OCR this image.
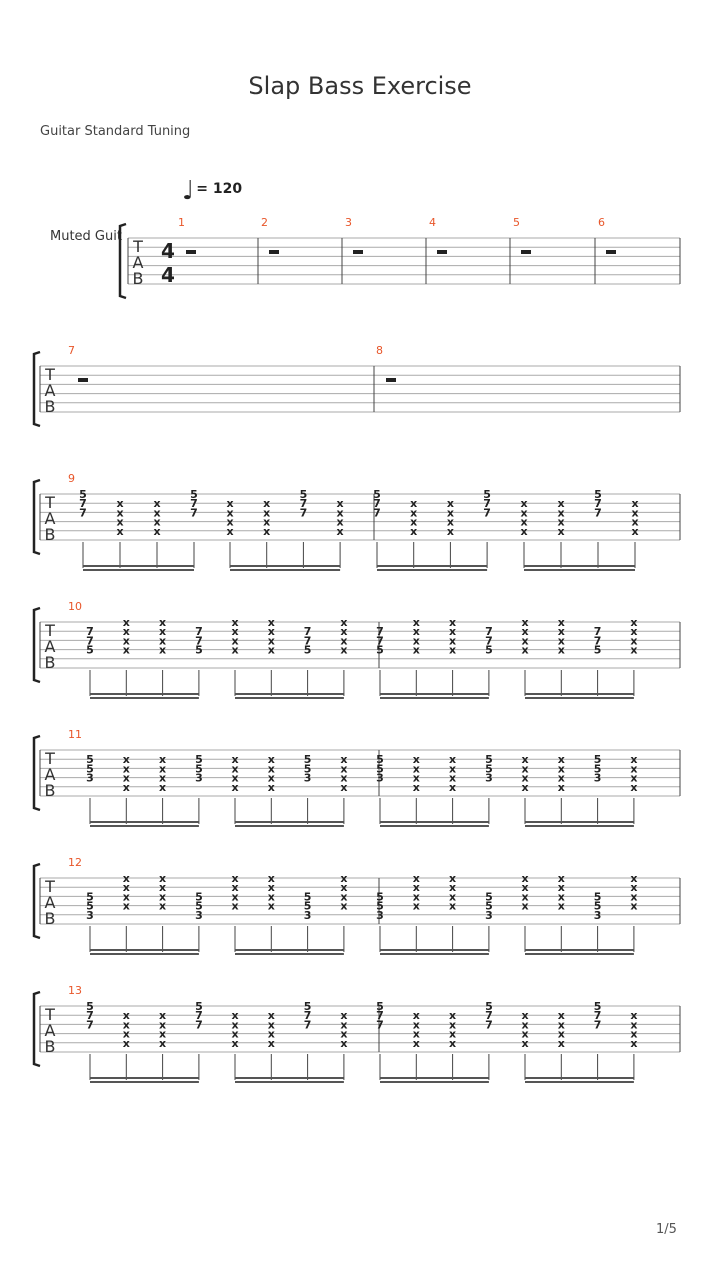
Slap Bass Exercise
Guitar Standard Tuning
♩ = 120
Muted Guit
1/5
T
A
B
4
4
1	2	3	4	5	6
T
A
B
7	8
T
A
B
9
5
7
7
x
x
x
x
x
x
x
x
5
7
7
x
x
x
x
x
x
x
x
5
7
7
x
x
x
x
5
7
7
x
x
x
x
x
x
x
x
5
7
7
x
x
x
x
x
x
x
x
5
7
7
x
x
x
x
T
A
B
10
7
7
5
x
x
x
x
x
x
x
x
7
7
5
x
x
x
x
x
x
x
x
7
7
5
x
x
x
x
7
7
5
x
x
x
x
x
x
x
x
7
7
5
x
x
x
x
x
x
x
x
7
7
5
x
x
x
x
T
A
B
11
5
5
3
x
x
x
x
x
x
x
x
5
5
3
x
x
x
x
x
x
x
x
5
5
3
x
x
x
x
5
5
3
x
x
x
x
x
x
x
x
5
5
3
x
x
x
x
x
x
x
x
5
5
3
x
x
x
x
T
A
B
12
5
5
3
x
x
x
x
x
x
x
x
5
5
3
x
x
x
x
x
x
x
x
5
5
3
x
x
x
x
5
5
3
x
x
x
x
x
x
x
x
5
5
3
x
x
x
x
x
x
x
x
5
5
3
x
x
x
x
T
A
B
13
5
7
7
x
x
x
x
x
x
x
x
5
7
7
x
x
x
x
x
x
x
x
5
7
7
x
x
x
x
5
7
7
x
x
x
x
x
x
x
x
5
7
7
x
x
x
x
x
x
x
x
5
7
7
x
x
x
x
